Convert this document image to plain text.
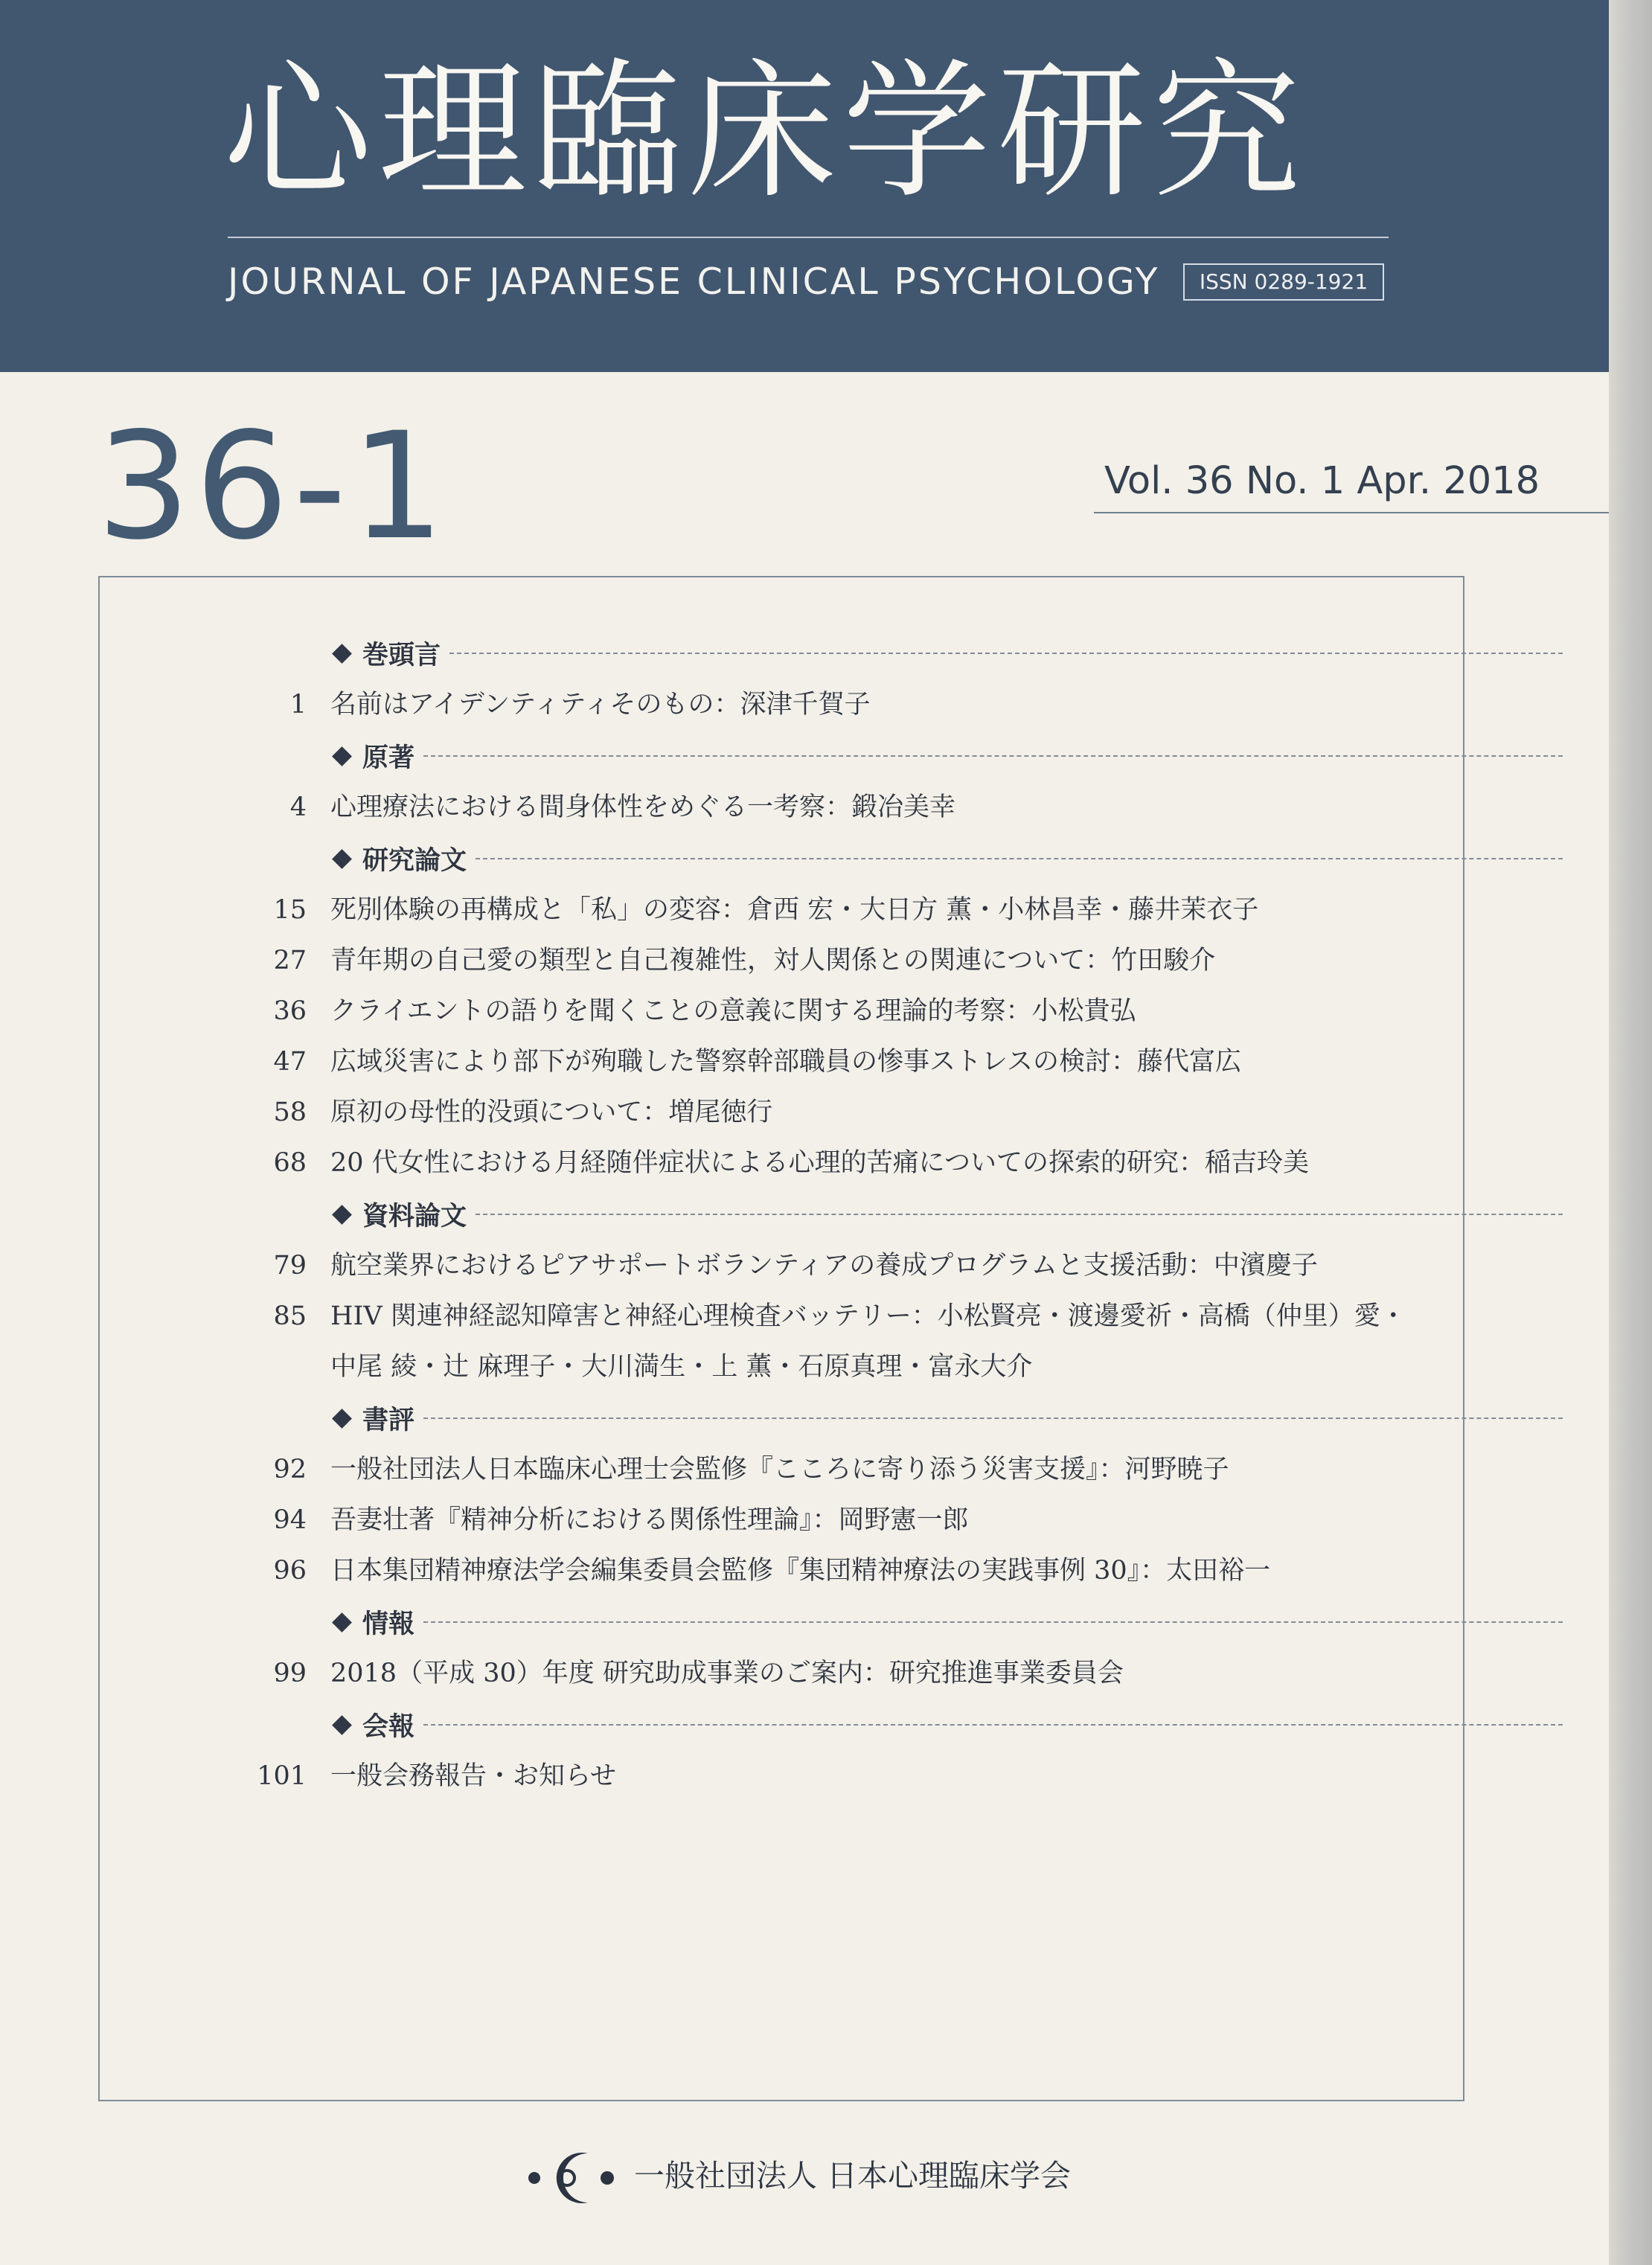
心理臨床学研究
JOURNAL OF JAPANESE CLINICAL PSYCHOLOGY	ISSN 0289-1921
36-1	Vol. 36 No. 1 Apr. 2018
巻頭言
1 名前はアイデンティティそのもの：深津千賀子
原著
4 心理療法における間身体性をめぐる一考察：鍛冶美幸
研究論文
15 死別体験の再構成と「私」の変容：倉西 宏・大日方 薫・小林昌幸・藤井茉衣子
27 青年期の自己愛の類型と自己複雑性，対人関係との関連について：竹田駿介
36 クライエントの語りを聞くことの意義に関する理論的考察：小松貴弘
47 広域災害により部下が殉職した警察幹部職員の惨事ストレスの検討：藤代富広
58 原初の母性的没頭について：増尾徳行
68 20 代女性における月経随伴症状による心理的苦痛についての探索的研究：稲吉玲美
資料論文
79 航空業界におけるピアサポートボランティアの養成プログラムと支援活動：中濱慶子
85 HIV 関連神経認知障害と神経心理検査バッテリー：小松賢亮・渡邊愛祈・高橋（仲里）愛・
中尾 綾・辻 麻理子・大川満生・上 薫・石原真理・富永大介
書評
92 一般社団法人日本臨床心理士会監修『こころに寄り添う災害支援』：河野暁子
94 吾妻壮著『精神分析における関係性理論』：岡野憲一郎
96 日本集団精神療法学会編集委員会監修『集団精神療法の実践事例 30』：太田裕一
情報
99 2018（平成 30）年度 研究助成事業のご案内：研究推進事業委員会
会報
101 一般会務報告・お知らせ
一般社団法人 日本心理臨床学会
